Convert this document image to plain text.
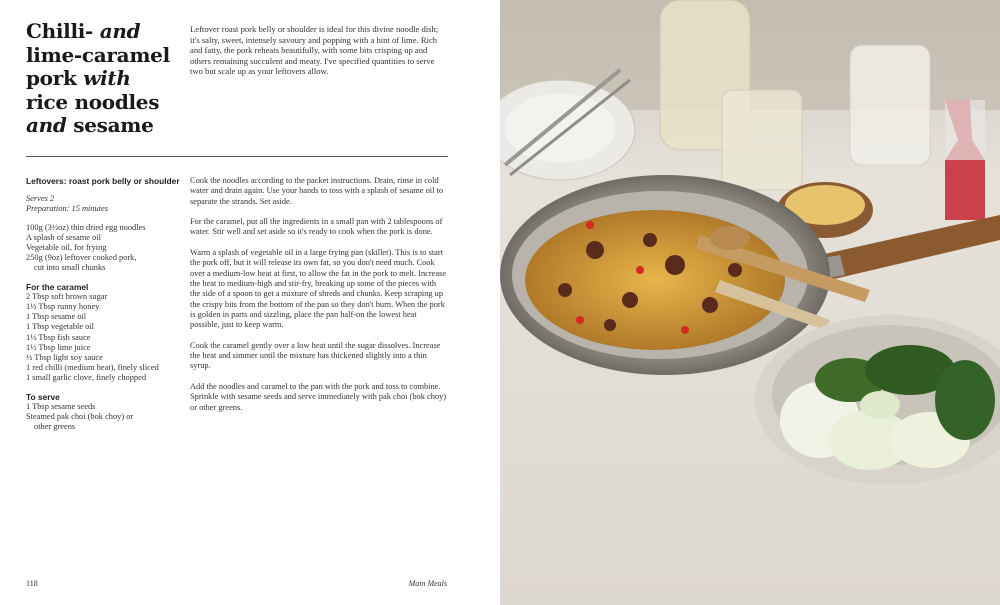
Chilli- and
lime-caramel pork with rice noodles and sesame
Leftover roast pork belly or shoulder is ideal for this divine noodle dish; it's salty, sweet, intensely savoury and popping with a hint of lime. Rich and fatty, the pork reheats beautifully, with some bits crisping up and others remaining succulent and meaty. I've specified quantities to serve two but scale up as your leftovers allow.
Leftovers: roast pork belly or shoulder
Serves 2
Preparation: 15 minutes
100g (3½oz) thin dried egg noodles
A splash of sesame oil
Vegetable oil, for frying
250g (9oz) leftover cooked pork,
cut into small chunks
For the caramel
2 Tbsp soft brown sugar
1½ Tbsp runny honey
1 Tbsp sesame oil
1 Tbsp vegetable oil
1½ Tbsp fish sauce
1½ Tbsp lime juice
½ Tbsp light soy sauce
1 red chilli (medium heat), finely sliced
1 small garlic clove, finely chopped
To serve
1 Tbsp sesame seeds
Steamed pak choi (bok choy) or
other greens

Cook the noodles according to the packet instructions. Drain, rinse in cold water and drain again. Use your hands to toss with a splash of sesame oil to separate the strands. Set aside.

For the caramel, put all the ingredients in a small pan with 2 tablespoons of water. Stir well and set aside so it's ready to cook when the pork is done.

Warm a splash of vegetable oil in a large frying pan (skillet). This is to start the pork off, but it will release its own fat, so you don't need much. Cook over a medium-low heat at first, to allow the fat in the pork to melt. Increase the heat to medium-high and stir-fry, breaking up some of the pieces with the side of a spoon to get a mixture of shreds and chunks. Keep scraping up the crispy bits from the bottom of the pan so they don't burn. When the pork is golden in parts and sizzling, place the pan half-on the lowest heat possible, just to keep warm.

Cook the caramel gently over a low heat until the sugar dissolves. Increase the heat and simmer until the mixture has thickened slightly into a thin syrup.

Add the noodles and caramel to the pan with the pork and toss to combine. Sprinkle with sesame seeds and serve immediately with pak choi (bok choy) or other greens.

118	Main Meals
